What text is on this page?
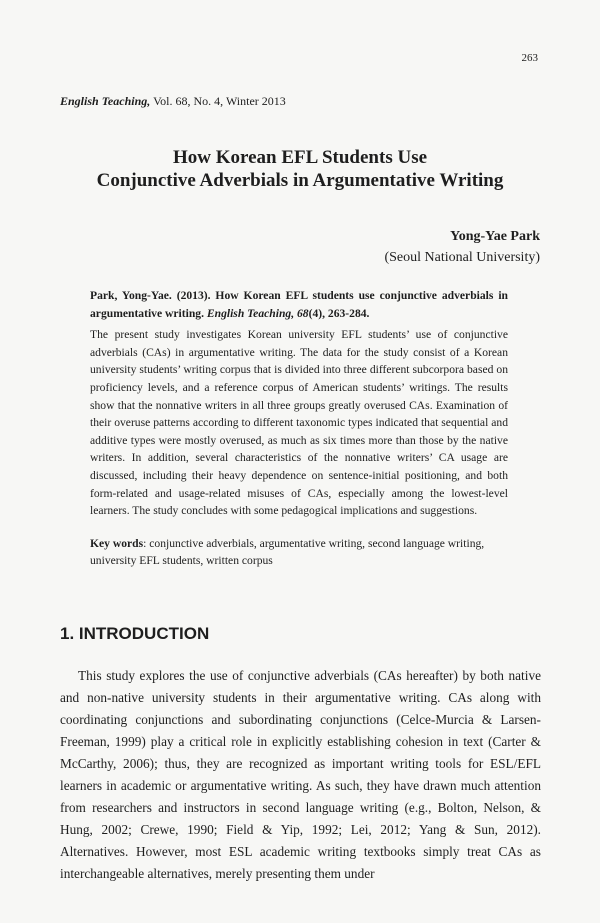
263
English Teaching, Vol. 68, No. 4, Winter 2013
How Korean EFL Students Use
Conjunctive Adverbials in Argumentative Writing
Yong-Yae Park
(Seoul National University)

Park, Yong-Yae. (2013). How Korean EFL students use conjunctive adverbials in argumentative writing. English Teaching, 68(4), 263-284.

The present study investigates Korean university EFL students’ use of conjunctive adverbials (CAs) in argumentative writing. The data for the study consist of a Korean university students’ writing corpus that is divided into three different subcorpora based on proficiency levels, and a reference corpus of American students’ writings. The results show that the nonnative writers in all three groups greatly overused CAs. Examination of their overuse patterns according to different taxonomic types indicated that sequential and additive types were mostly overused, as much as six times more than those by the native writers. In addition, several characteristics of the nonnative writers’ CA usage are discussed, including their heavy dependence on sentence-initial positioning, and both form-related and usage-related misuses of CAs, especially among the lowest-level learners. The study concludes with some pedagogical implications and suggestions.

Key words: conjunctive adverbials, argumentative writing, second language writing, university EFL students, written corpus

1. INTRODUCTION

This study explores the use of conjunctive adverbials (CAs hereafter) by both native and non-native university students in their argumentative writing. CAs along with coordinating conjunctions and subordinating conjunctions (Celce-Murcia & Larsen-Freeman, 1999) play a critical role in explicitly establishing cohesion in text (Carter & McCarthy, 2006); thus, they are recognized as important writing tools for ESL/EFL learners in academic or argumentative writing. As such, they have drawn much attention from researchers and instructors in second language writing (e.g., Bolton, Nelson, & Hung, 2002; Crewe, 1990; Field & Yip, 1992; Lei, 2012; Yang & Sun, 2012). Alternatives. However, most ESL academic writing textbooks simply treat CAs as interchangeable alternatives, merely presenting them under
